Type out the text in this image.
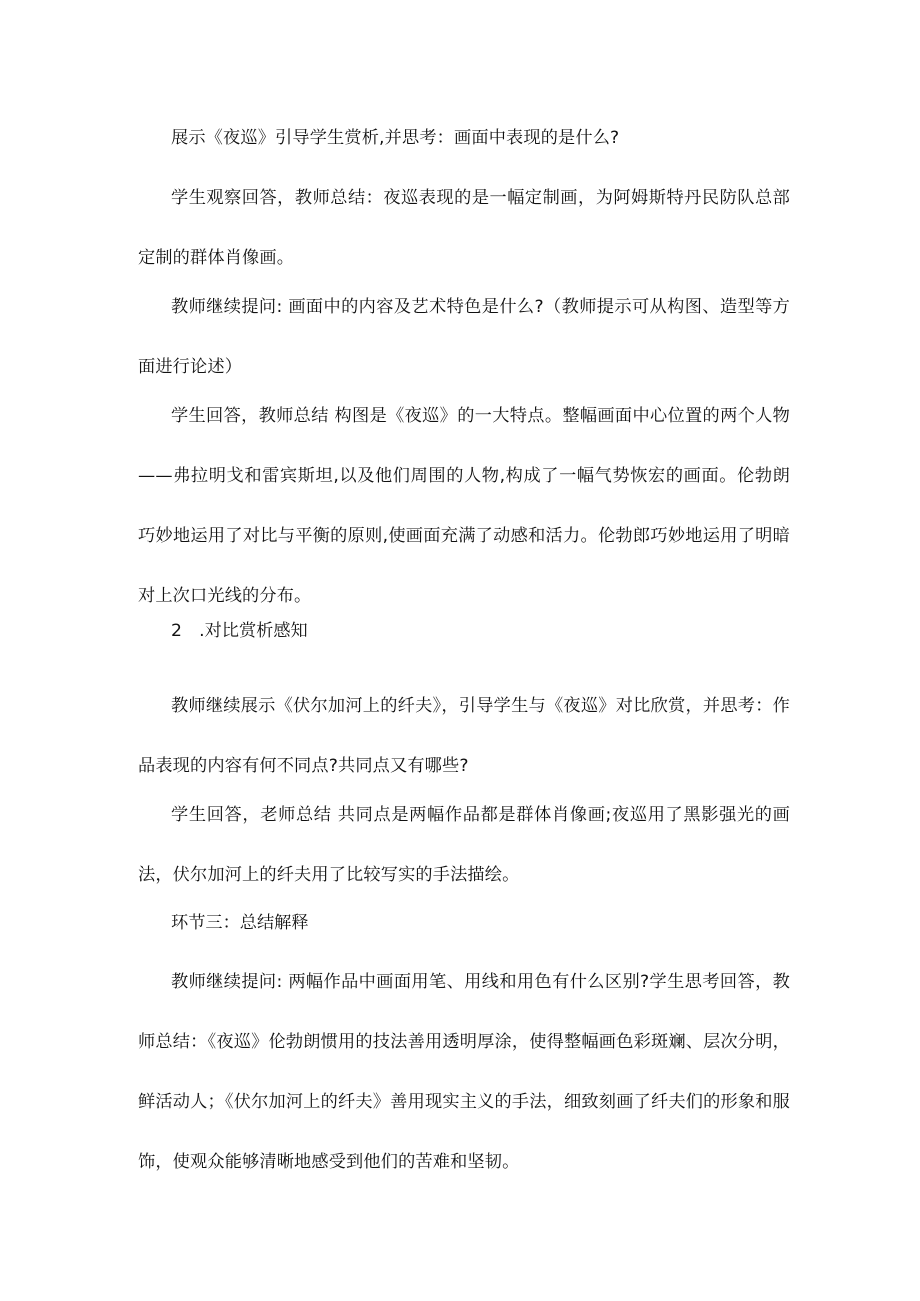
展示《夜巡》引导学生赏析,并思考：画面中表现的是什么?

学生观察回答，教师总结：夜巡表现的是一幅定制画，为阿姆斯特丹民防队总部定制的群体肖像画。

教师继续提问: 画面中的内容及艺术特色是什么?（教师提示可从构图、造型等方面进行论述）

学生回答，教师总结 构图是《夜巡》的一大特点。整幅画面中心位置的两个人物——弗拉明戈和雷宾斯坦,以及他们周围的人物,构成了一幅气势恢宏的画面。伦勃朗巧妙地运用了对比与平衡的原则,使画面充满了动感和活力。伦勃郎巧妙地运用了明暗对上次口光线的分布。

2　.对比赏析感知

教师继续展示《伏尔加河上的纤夫》，引导学生与《夜巡》对比欣赏，并思考：作品表现的内容有何不同点?共同点又有哪些?

学生回答，老师总结 共同点是两幅作品都是群体肖像画;夜巡用了黑影强光的画法，伏尔加河上的纤夫用了比较写实的手法描绘。

环节三：总结解释

教师继续提问: 两幅作品中画面用笔、用线和用色有什么区别?学生思考回答，教师总结：《夜巡》伦勃朗惯用的技法善用透明厚涂，使得整幅画色彩斑斓、层次分明，鲜活动人；《伏尔加河上的纤夫》善用现实主义的手法，细致刻画了纤夫们的形象和服饰，使观众能够清晰地感受到他们的苦难和坚韧。
